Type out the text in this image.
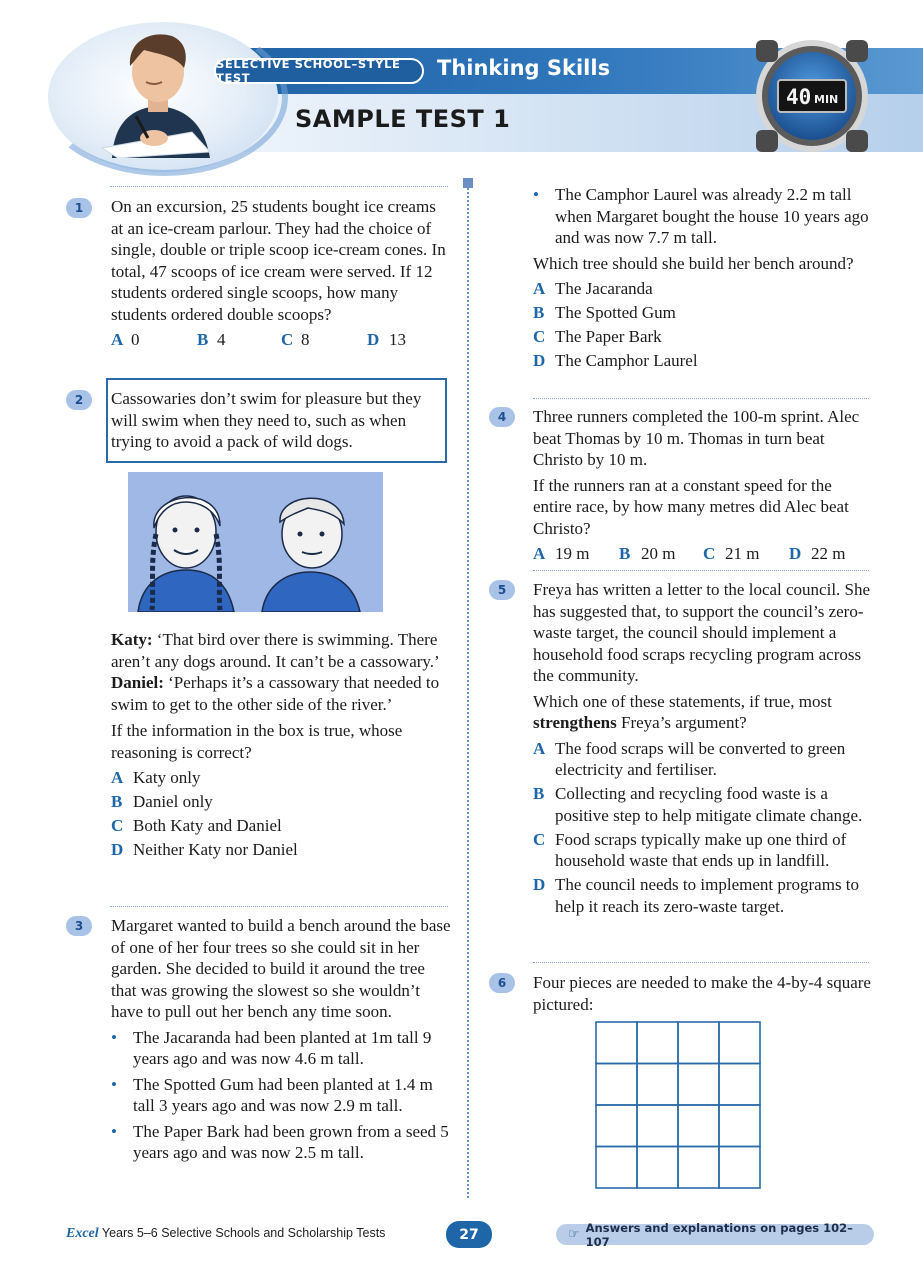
SELECTIVE SCHOOL–STYLE TEST	Thinking Skills
SAMPLE TEST 1
40 MIN
1	On an excursion, 25 students bought ice creams at an ice-cream parlour. They had the choice of single, double or triple scoop ice-cream cones. In total, 47 scoops of ice cream were served. If 12 students ordered single scoops, how many students ordered double scoops?
A 0	B 4	C 8	D 13
2	Cassowaries don’t swim for pleasure but they will swim when they need to, such as when trying to avoid a pack of wild dogs.
Katy: ‘That bird over there is swimming. There aren’t any dogs around. It can’t be a cassowary.’
Daniel: ‘Perhaps it’s a cassowary that needed to swim to get to the other side of the river.’
If the information in the box is true, whose reasoning is correct?
A Katy only
B Daniel only
C Both Katy and Daniel
D Neither Katy nor Daniel
3	Margaret wanted to build a bench around the base of one of her four trees so she could sit in her garden. She decided to build it around the tree that was growing the slowest so she wouldn’t have to pull out her bench any time soon.
• The Jacaranda had been planted at 1m tall 9 years ago and was now 4.6 m tall.
• The Spotted Gum had been planted at 1.4 m tall 3 years ago and was now 2.9 m tall.
• The Paper Bark had been grown from a seed 5 years ago and was now 2.5 m tall.
• The Camphor Laurel was already 2.2 m tall when Margaret bought the house 10 years ago and was now 7.7 m tall.
Which tree should she build her bench around?
A The Jacaranda
B The Spotted Gum
C The Paper Bark
D The Camphor Laurel
4	Three runners completed the 100-m sprint. Alec beat Thomas by 10 m. Thomas in turn beat Christo by 10 m.
If the runners ran at a constant speed for the entire race, by how many metres did Alec beat Christo?
A 19 m B 20 m C 21 m D 22 m
5	Freya has written a letter to the local council. She has suggested that, to support the council’s zero-waste target, the council should implement a household food scraps recycling program across the community.
Which one of these statements, if true, most strengthens Freya’s argument?
A The food scraps will be converted to green electricity and fertiliser.
B Collecting and recycling food waste is a positive step to help mitigate climate change.
C Food scraps typically make up one third of household waste that ends up in landfill.
D The council needs to implement programs to help it reach its zero-waste target.
6	Four pieces are needed to make the 4-by-4 square pictured:
Excel Years 5–6 Selective Schools and Scholarship Tests	27	☞ Answers and explanations on pages 102–107
